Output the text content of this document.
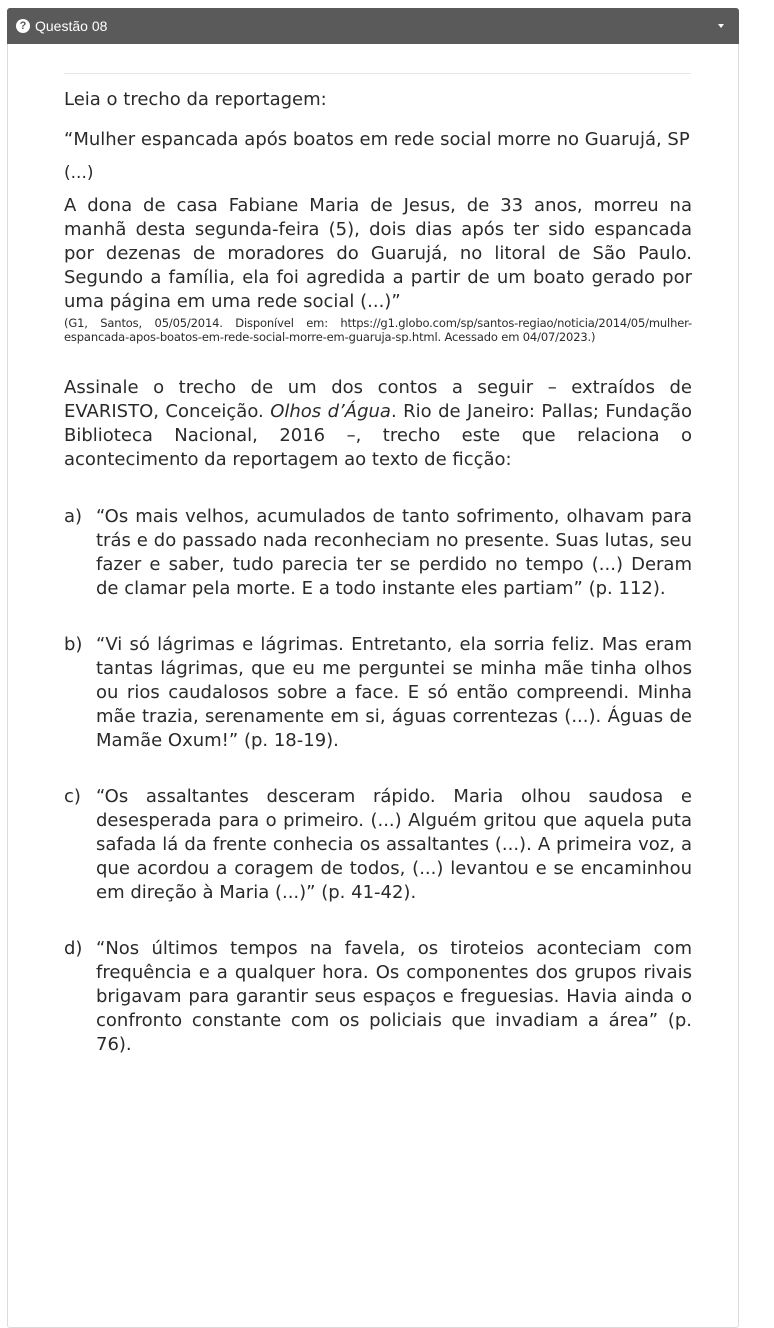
? Questão 08

Leia o trecho da reportagem:

“Mulher espancada após boatos em rede social morre no Guarujá, SP

(...)

A dona de casa Fabiane Maria de Jesus, de 33 anos, morreu na manhã desta segunda-feira (5), dois dias após ter sido espancada por dezenas de moradores do Guarujá, no litoral de São Paulo. Segundo a família, ela foi agredida a partir de um boato gerado por uma página em uma rede social (...)”

(G1, Santos, 05/05/2014. Disponível em: https://g1.globo.com/sp/santos-regiao/noticia/2014/05/mulher-espancada-apos-boatos-em-rede-social-morre-em-guaruja-sp.html. Acessado em 04/07/2023.)

Assinale o trecho de um dos contos a seguir – extraídos de EVARISTO, Conceição. Olhos d’Água. Rio de Janeiro: Pallas; Fundação Biblioteca Nacional, 2016 –, trecho este que relaciona o acontecimento da reportagem ao texto de ficção:

a) “Os mais velhos, acumulados de tanto sofrimento, olhavam para trás e do passado nada reconheciam no presente. Suas lutas, seu fazer e saber, tudo parecia ter se perdido no tempo (...) Deram de clamar pela morte. E a todo instante eles partiam” (p. 112).
b) “Vi só lágrimas e lágrimas. Entretanto, ela sorria feliz. Mas eram tantas lágrimas, que eu me perguntei se minha mãe tinha olhos ou rios caudalosos sobre a face. E só então compreendi. Minha mãe trazia, serenamente em si, águas correntezas (...). Águas de Mamãe Oxum!” (p. 18-19).
c) “Os assaltantes desceram rápido. Maria olhou saudosa e desesperada para o primeiro. (...) Alguém gritou que aquela puta safada lá da frente conhecia os assaltantes (...). A primeira voz, a que acordou a coragem de todos, (...) levantou e se encaminhou em direção à Maria (...)” (p. 41-42).
d) “Nos últimos tempos na favela, os tiroteios aconteciam com frequência e a qualquer hora. Os componentes dos grupos rivais brigavam para garantir seus espaços e freguesias. Havia ainda o confronto constante com os policiais que invadiam a área” (p. 76).
